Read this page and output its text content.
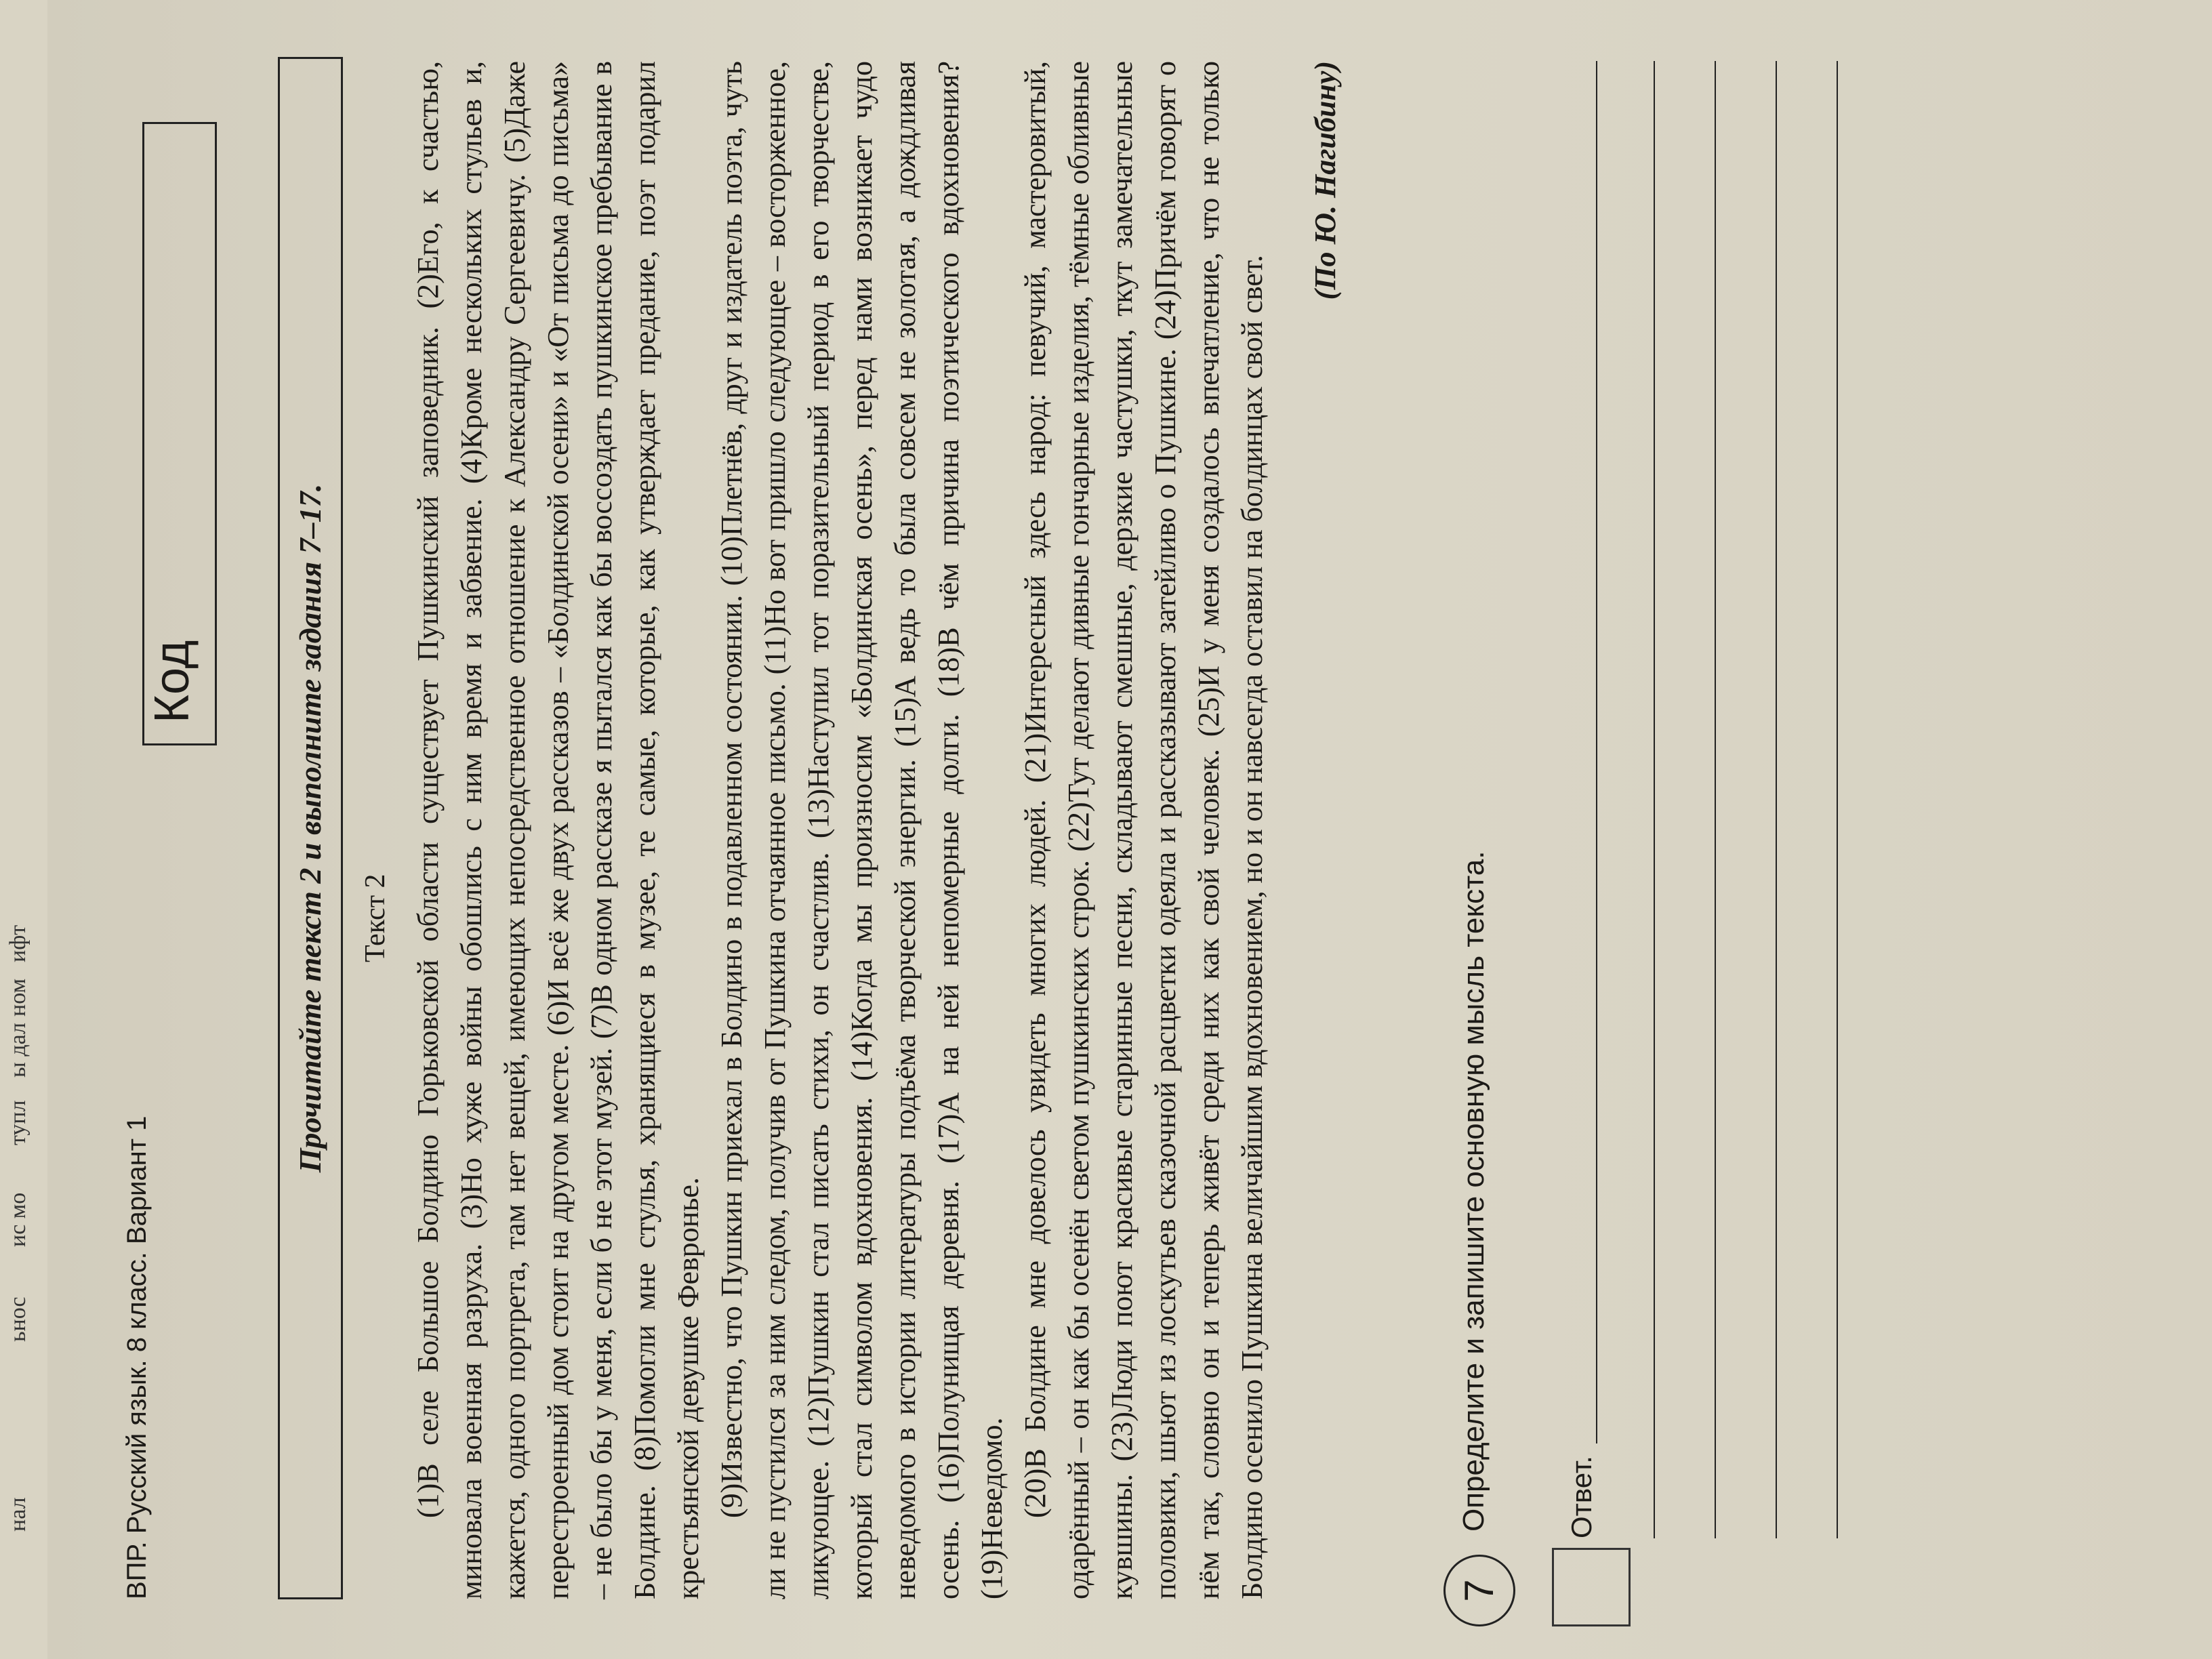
нал
ьнос
ис мо
тупл
ы дал
ном
ифт
ВПР. Русский язык. 8 класс. Вариант 1
Код	Прочитайте текст 2 и выполните задания 7–17.	Текст 2 (1)В селе Большое Болдино Горьковской области существует Пушкинский заповедник. (2)Его, к счастью, миновала военная разруха. (3)Но хуже войны обошлись с ним время и забвение. (4)Кроме нескольких стульев и, кажется, одного портрета, там нет вещей, имеющих непосредственное отношение к Александру Сергеевичу. (5)Даже перестроенный дом стоит на другом месте. (6)И всё же двух рассказов – «Болдинской осени» и «От письма до письма» – не было бы у меня, если б не этот музей. (7)В одном рассказе я пытался как бы воссоздать пушкинское пребывание в Болдине. (8)Помогли мне стулья, хранящиеся в музее, те самые, которые, как утверждает предание, поэт подарил крестьянской девушке Февронье. (9)Известно, что Пушкин приехал в Болдино в подавленном состоянии. (10)Плетнёв, друг и издатель поэта, чуть ли не пустился за ним следом, получив от Пушкина отчаянное письмо. (11)Но вот пришло следующее – восторженное, ликующее. (12)Пушкин стал писать стихи, он счастлив. (13)Наступил тот поразительный период в его творчестве, который стал символом вдохновения. (14)Когда мы произносим «Болдинская осень», перед нами возникает чудо неведомого в истории литературы подъёма творческой энергии. (15)А ведь то была совсем не золотая, а дождливая осень. (16)Полунищая деревня. (17)А на ней непомерные долги. (18)В чём причина поэтического вдохновения? (19)Неведомо. (20)В Болдине мне довелось увидеть многих людей. (21)Интересный здесь народ: певучий, мастеровитый, одарённый – он как бы осенён светом пушкинских строк. (22)Тут делают дивные гончарные изделия, тёмные обливные кувшины. (23)Люди поют красивые старинные песни, складывают смешные, дерзкие частушки, ткут замечательные половики, шьют из лоскутьев сказочной расцветки одеяла и рассказывают затейливо о Пушкине. (24)Причём говорят о нём так, словно он и теперь живёт среди них как свой человек. (25)И у меня создалось впечатление, что не только Болдино осенило Пушкина величайшим вдохновением, но и он навсегда оставил на болдинцах свой свет.

(По Ю. Нагибину)
7
Определите и запишите основную мысль текста.	Ответ.
